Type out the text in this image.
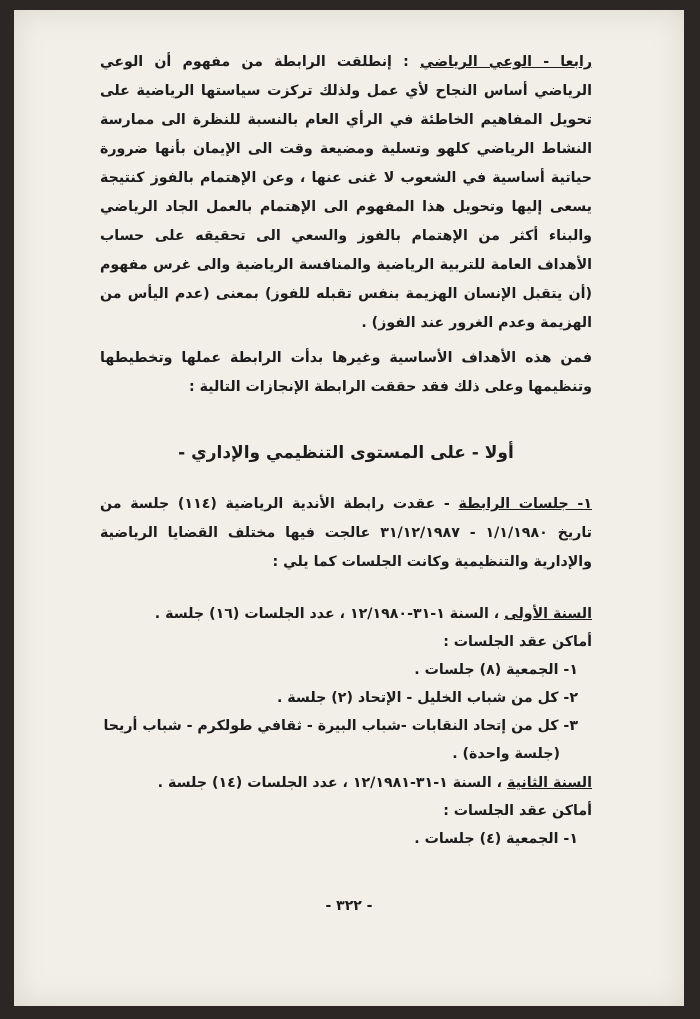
رابعا - الوعي الرياضي : إنطلقت الرابطة من مفهوم أن الوعي الرياضي أساس النجاح لأي عمل ولذلك تركزت سياستها الرياضية على تحويل المفاهيم الخاطئة في الرأي العام بالنسبة للنظرة الى ممارسة النشاط الرياضي كلهو وتسلية ومضيعة وقت الى الإيمان بأنها ضرورة حياتية أساسية في الشعوب لا غنى عنها ، وعن الإهتمام بالفوز كنتيجة يسعى إليها وتحويل هذا المفهوم الى الإهتمام بالعمل الجاد الرياضي والبناء أكثر من الإهتمام بالفوز والسعي الى تحقيقه على حساب الأهداف العامة للتربية الرياضية والمنافسة الرياضية والى غرس مفهوم (أن يتقبل الإنسان الهزيمة بنفس تقبله للفوز) بمعنى (عدم اليأس من الهزيمة وعدم الغرور عند الفوز) .

فمن هذه الأهداف الأساسية وغيرها بدأت الرابطة عملها وتخطيطها وتنظيمها وعلى ذلك فقد حققت الرابطة الإنجازات التالية :

أولا - على المستوى التنظيمي والإداري -

١- جلسات الرابطة - عقدت رابطة الأندية الرياضية (١١٤) جلسة من تاريخ ١/١/١٩٨٠ - ٣١/١٢/١٩٨٧ عالجت فيها مختلف القضايا الرياضية والإدارية والتنظيمية وكانت الجلسات كما يلي :

السنة الأولى ، السنة ١-٣١-١٢/١٩٨٠ ، عدد الجلسات (١٦) جلسة .

أماكن عقد الجلسات :

١- الجمعية (٨) جلسات .

٢- كل من شباب الخليل - الإتحاد (٢) جلسة .

٣- كل من إتحاد النقابات -شباب البيرة - ثقافي طولكرم - شباب أريحا
(جلسة واحدة) .

السنة الثانية ، السنة ١-٣١-١٢/١٩٨١ ، عدد الجلسات (١٤) جلسة .

أماكن عقد الجلسات :

١- الجمعية (٤) جلسات .

- ٣٢٢ -
